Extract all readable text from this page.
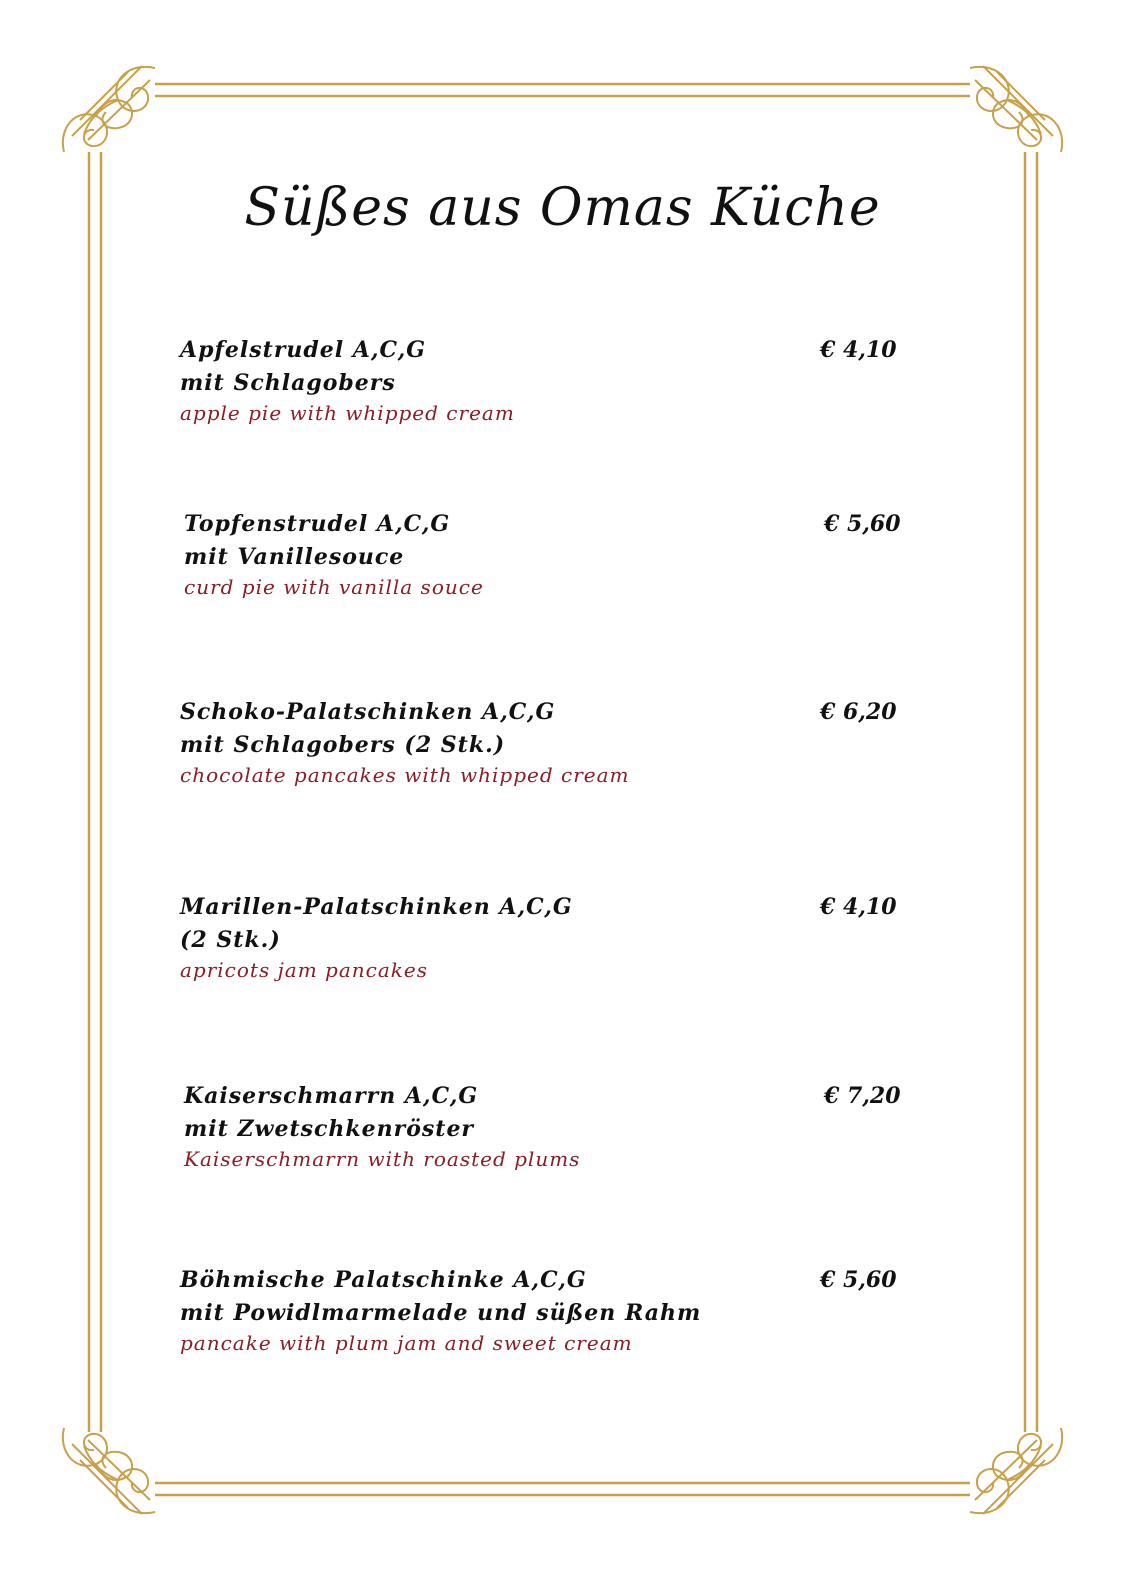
Süßes aus Omas Küche
Apfelstrudel A,C,G
mit Schlagobers
apple pie with whipped cream
€ 4,10
Topfenstrudel A,C,G
mit Vanillesouce
curd pie with vanilla souce
€ 5,60
Schoko-Palatschinken A,C,G
mit Schlagobers (2 Stk.)
chocolate pancakes with whipped cream
€ 6,20
Marillen-Palatschinken A,C,G
(2 Stk.)
apricots jam pancakes
€ 4,10
Kaiserschmarrn A,C,G
mit Zwetschkenröster
Kaiserschmarrn with roasted plums
€ 7,20
Böhmische Palatschinke A,C,G
mit Powidlmarmelade und süßen Rahm
pancake with plum jam and sweet cream
€ 5,60
